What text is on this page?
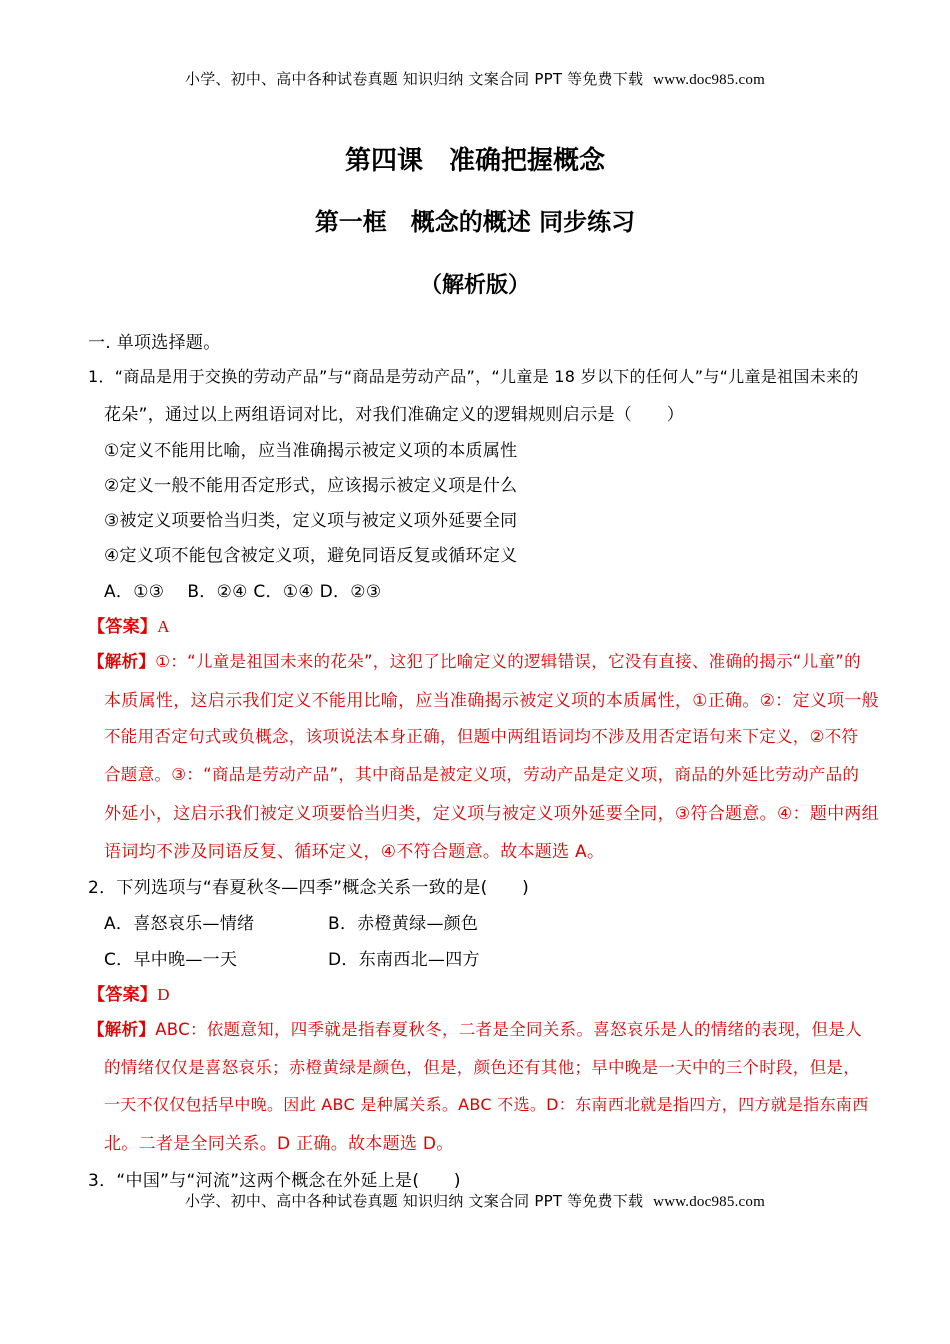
小学、初中、高中各种试卷真题 知识归纳 文案合同 PPT 等免费下载 www.doc985.com
第四课　准确把握概念
第一框　概念的概述 同步练习
（解析版）
一. 单项选择题。
1．“商品是用于交换的劳动产品”与“商品是劳动产品”，“儿童是 18 岁以下的任何人”与“儿童是祖国未来的
花朵”，通过以上两组语词对比，对我们准确定义的逻辑规则启示是（　　）
①定义不能用比喻，应当准确揭示被定义项的本质属性
②定义一般不能用否定形式，应该揭示被定义项是什么
③被定义项要恰当归类，定义项与被定义项外延要全同
④定义项不能包含被定义项，避免同语反复或循环定义
A．①③　 B．②④ C．①④ D．②③
【答案】A
【解析】①：“儿童是祖国未来的花朵”，这犯了比喻定义的逻辑错误，它没有直接、准确的揭示“儿童”的
本质属性，这启示我们定义不能用比喻，应当准确揭示被定义项的本质属性，①正确。②：定义项一般
不能用否定句式或负概念，该项说法本身正确，但题中两组语词均不涉及用否定语句来下定义，②不符
合题意。③：“商品是劳动产品”，其中商品是被定义项，劳动产品是定义项，商品的外延比劳动产品的
外延小，这启示我们被定义项要恰当归类，定义项与被定义项外延要全同，③符合题意。④：题中两组
语词均不涉及同语反复、循环定义，④不符合题意。故本题选 A。
2．下列选项与“春夏秋冬—四季”概念关系一致的是(　　)
A．喜怒哀乐—情绪	B．赤橙黄绿—颜色
C．早中晚—一天	D．东南西北—四方
【答案】D
【解析】ABC：依题意知，四季就是指春夏秋冬，二者是全同关系。喜怒哀乐是人的情绪的表现，但是人
的情绪仅仅是喜怒哀乐；赤橙黄绿是颜色，但是，颜色还有其他；早中晚是一天中的三个时段，但是，
一天不仅仅包括早中晚。因此 ABC 是种属关系。ABC 不选。D：东南西北就是指四方，四方就是指东南西
北。二者是全同关系。D 正确。故本题选 D。
3．“中国”与“河流”这两个概念在外延上是(　　)
小学、初中、高中各种试卷真题 知识归纳 文案合同 PPT 等免费下载 www.doc985.com
